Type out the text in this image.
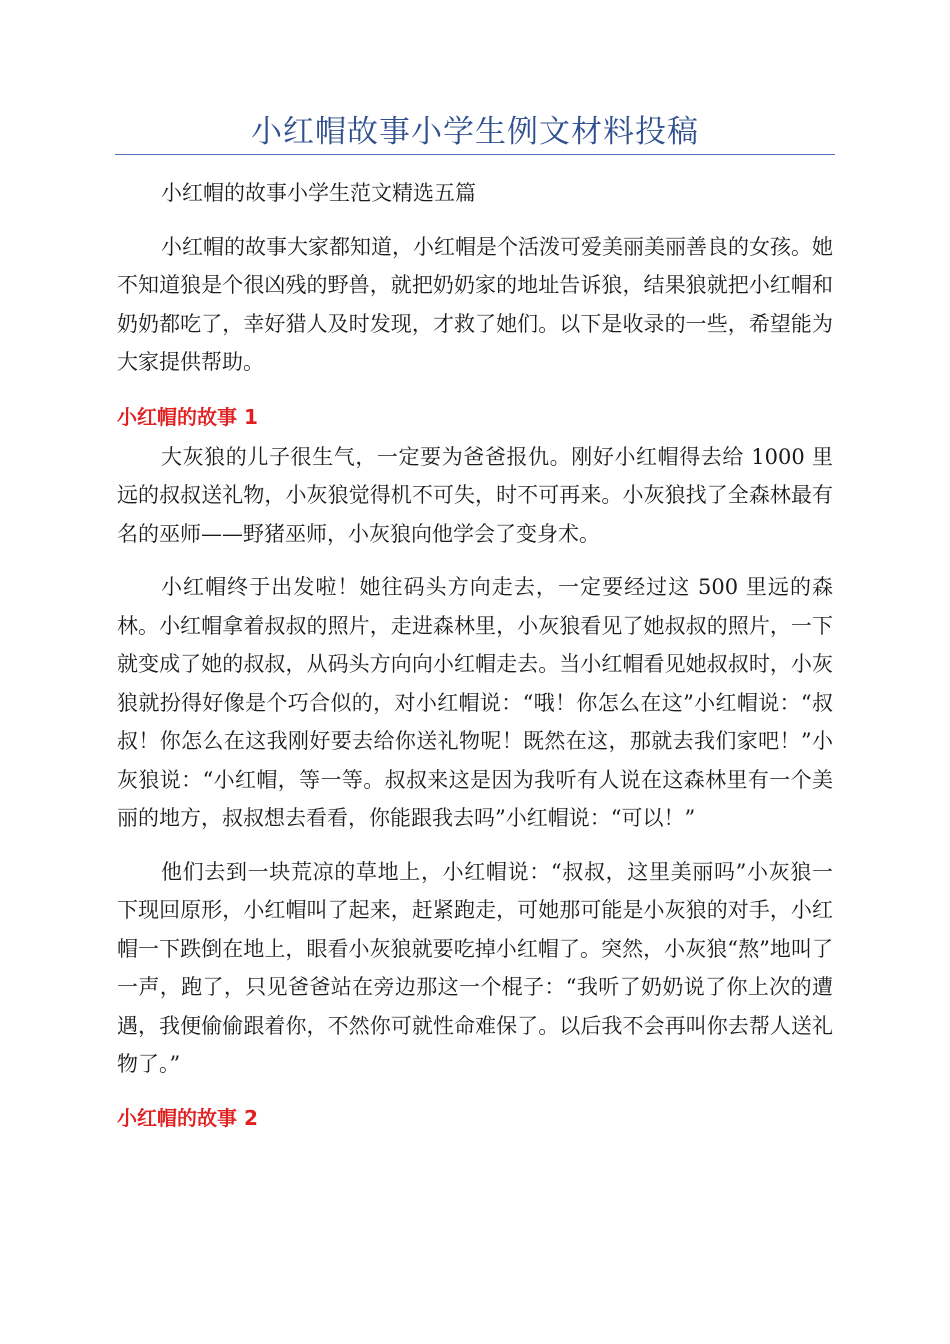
小红帽故事小学生例文材料投稿

小红帽的故事小学生范文精选五篇

小红帽的故事大家都知道，小红帽是个活泼可爱美丽美丽善良的女孩。她不知道狼是个很凶残的野兽，就把奶奶家的地址告诉狼，结果狼就把小红帽和奶奶都吃了，幸好猎人及时发现，才救了她们。以下是收录的一些，希望能为大家提供帮助。

小红帽的故事 1

大灰狼的儿子很生气，一定要为爸爸报仇。刚好小红帽得去给 1000 里远的叔叔送礼物，小灰狼觉得机不可失，时不可再来。小灰狼找了全森林最有名的巫师——野猪巫师，小灰狼向他学会了变身术。

小红帽终于出发啦！她往码头方向走去，一定要经过这 500 里远的森林。小红帽拿着叔叔的照片，走进森林里，小灰狼看见了她叔叔的照片，一下就变成了她的叔叔，从码头方向向小红帽走去。当小红帽看见她叔叔时，小灰狼就扮得好像是个巧合似的，对小红帽说：“哦！你怎么在这”小红帽说：“叔叔！你怎么在这我刚好要去给你送礼物呢！既然在这，那就去我们家吧！”小灰狼说：“小红帽，等一等。叔叔来这是因为我听有人说在这森林里有一个美丽的地方，叔叔想去看看，你能跟我去吗”小红帽说：“可以！”

他们去到一块荒凉的草地上，小红帽说：“叔叔，这里美丽吗”小灰狼一下现回原形，小红帽叫了起来，赶紧跑走，可她那可能是小灰狼的对手，小红帽一下跌倒在地上，眼看小灰狼就要吃掉小红帽了。突然，小灰狼“熬”地叫了一声，跑了，只见爸爸站在旁边那这一个棍子：“我听了奶奶说了你上次的遭遇，我便偷偷跟着你，不然你可就性命难保了。以后我不会再叫你去帮人送礼物了。”

小红帽的故事 2
